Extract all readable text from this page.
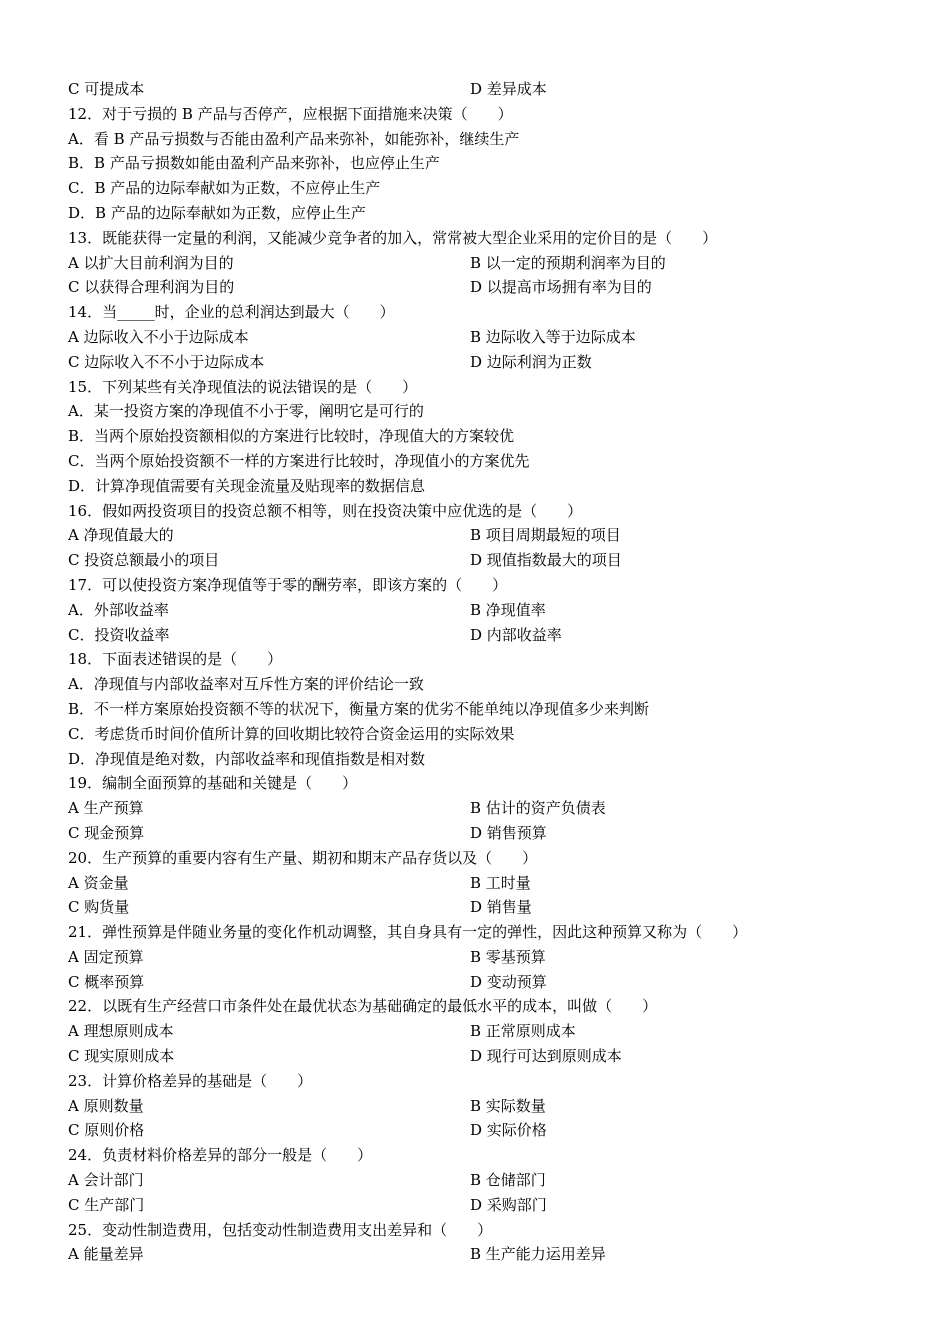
C 可提成本	D 差异成本
12．对于亏损的 B 产品与否停产，应根据下面措施来决策（　　）
A．看 B 产品亏损数与否能由盈利产品来弥补，如能弥补，继续生产
B．B 产品亏损数如能由盈利产品来弥补，也应停止生产
C．B 产品的边际奉献如为正数，不应停止生产
D．B 产品的边际奉献如为正数，应停止生产
13．既能获得一定量的利润，又能减少竞争者的加入，常常被大型企业采用的定价目的是（　　）
A 以扩大目前利润为目的	B 以一定的预期利润率为目的
C 以获得合理利润为目的	D 以提高市场拥有率为目的
14．当_____时，企业的总利润达到最大（　　）
A 边际收入不小于边际成本	B 边际收入等于边际成本
C 边际收入不不小于边际成本	D 边际利润为正数
15．下列某些有关净现值法的说法错误的是（　　）
A．某一投资方案的净现值不小于零，阐明它是可行的
B．当两个原始投资额相似的方案进行比较时，净现值大的方案较优
C．当两个原始投资额不一样的方案进行比较时，净现值小的方案优先
D．计算净现值需要有关现金流量及贴现率的数据信息
16．假如两投资项目的投资总额不相等，则在投资决策中应优选的是（　　）
A 净现值最大的	B 项目周期最短的项目
C 投资总额最小的项目	D 现值指数最大的项目
17．可以使投资方案净现值等于零的酬劳率，即该方案的（　　）
A．外部收益率	B 净现值率
C．投资收益率	D 内部收益率
18．下面表述错误的是（　　）
A．净现值与内部收益率对互斥性方案的评价结论一致
B．不一样方案原始投资额不等的状况下，衡量方案的优劣不能单纯以净现值多少来判断
C．考虑货币时间价值所计算的回收期比较符合资金运用的实际效果
D．净现值是绝对数，内部收益率和现值指数是相对数
19．编制全面预算的基础和关键是（　　）
A 生产预算	B 估计的资产负债表
C 现金预算	D 销售预算
20．生产预算的重要内容有生产量、期初和期末产品存货以及（　　）
A 资金量	B 工时量
C 购货量	D 销售量
21．弹性预算是伴随业务量的变化作机动调整，其自身具有一定的弹性，因此这种预算又称为（　　）
A 固定预算	B 零基预算
C 概率预算	D 变动预算
22．以既有生产经营口市条件处在最优状态为基础确定的最低水平的成本，叫做（　　）
A 理想原则成本	B 正常原则成本
C 现实原则成本	D 现行可达到原则成本
23．计算价格差异的基础是（　　）
A 原则数量	B 实际数量
C 原则价格	D 实际价格
24．负责材料价格差异的部分一般是（　　）
A 会计部门	B 仓储部门
C 生产部门	D 采购部门
25．变动性制造费用，包括变动性制造费用支出差异和（　　）
A 能量差异	B 生产能力运用差异
